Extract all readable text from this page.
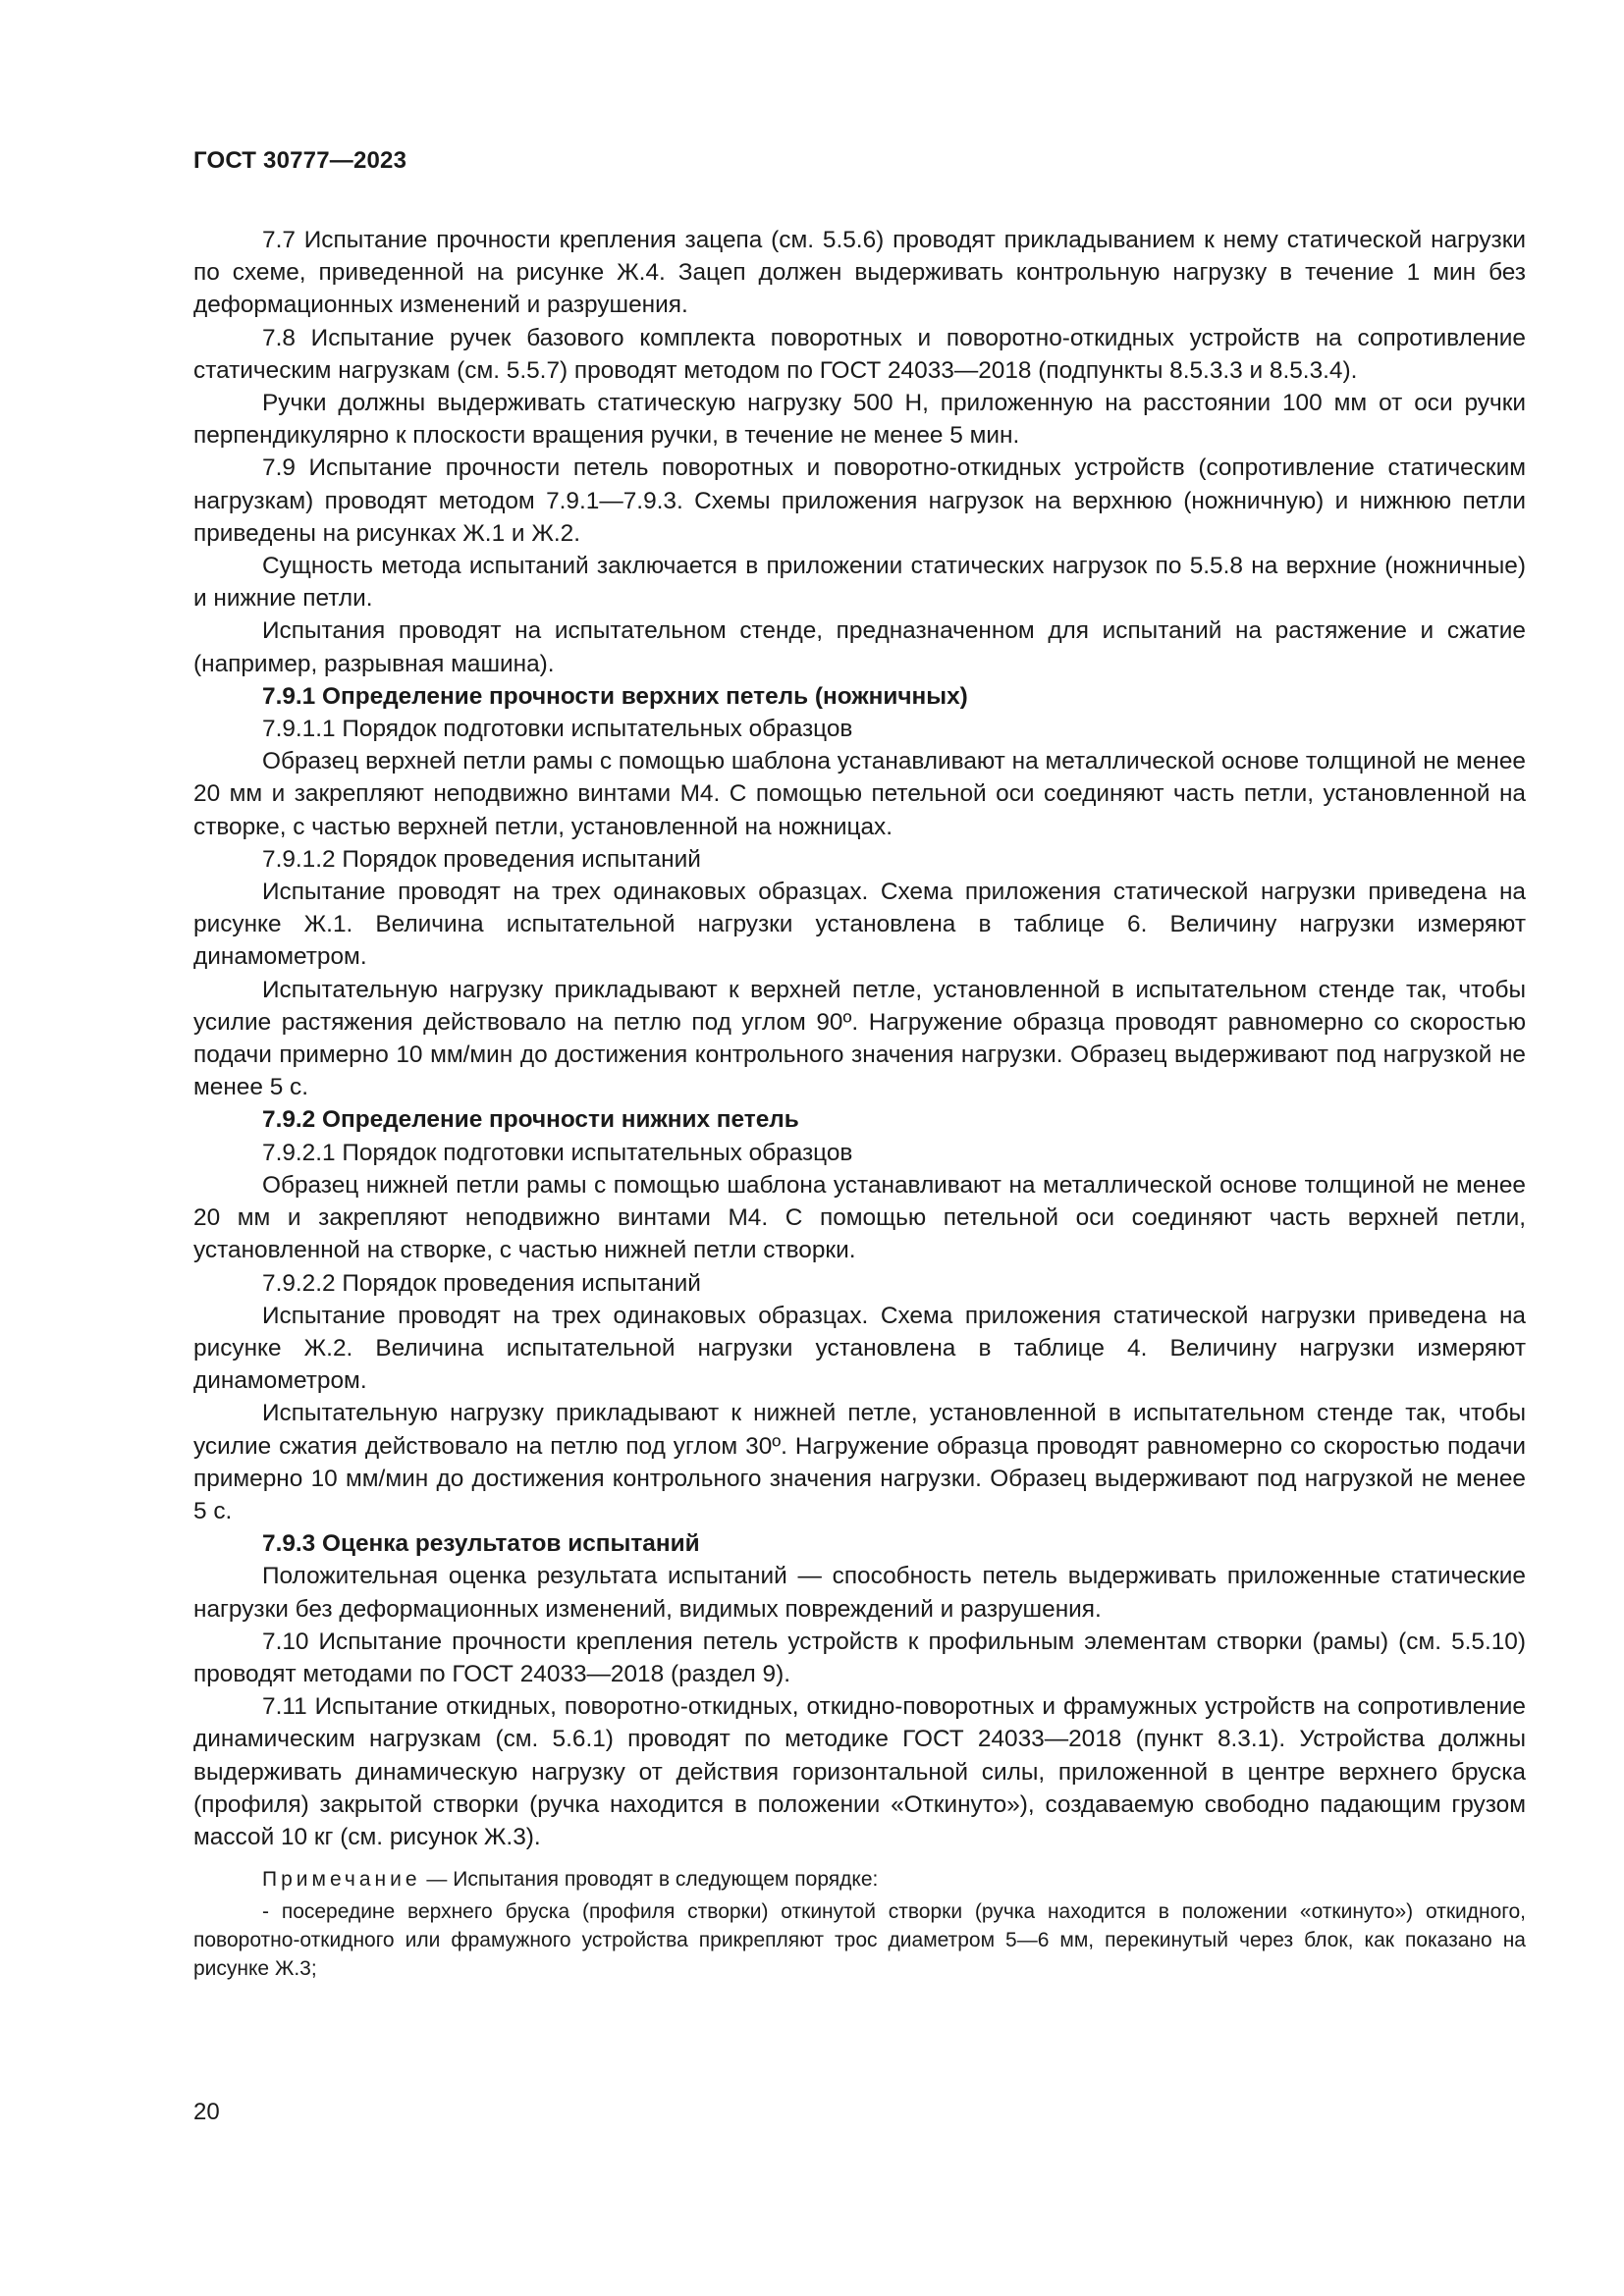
ГОСТ 30777—2023

7.7 Испытание прочности крепления зацепа (см. 5.5.6) проводят прикладыванием к нему статической нагрузки по схеме, приведенной на рисунке Ж.4. Зацеп должен выдерживать контрольную нагрузку в течение 1 мин без деформационных изменений и разрушения.

7.8 Испытание ручек базового комплекта поворотных и поворотно-откидных устройств на сопротивление статическим нагрузкам (см. 5.5.7) проводят методом по ГОСТ 24033—2018 (подпункты 8.5.3.3 и 8.5.3.4).

Ручки должны выдерживать статическую нагрузку 500 Н, приложенную на расстоянии 100 мм от оси ручки перпендикулярно к плоскости вращения ручки, в течение не менее 5 мин.

7.9 Испытание прочности петель поворотных и поворотно-откидных устройств (сопротивление статическим нагрузкам) проводят методом 7.9.1—7.9.3. Схемы приложения нагрузок на верхнюю (ножничную) и нижнюю петли приведены на рисунках Ж.1 и Ж.2.

Сущность метода испытаний заключается в приложении статических нагрузок по 5.5.8 на верхние (ножничные) и нижние петли.

Испытания проводят на испытательном стенде, предназначенном для испытаний на растяжение и сжатие (например, разрывная машина).

7.9.1 Определение прочности верхних петель (ножничных)

7.9.1.1 Порядок подготовки испытательных образцов

Образец верхней петли рамы с помощью шаблона устанавливают на металлической основе толщиной не менее 20 мм и закрепляют неподвижно винтами М4. С помощью петельной оси соединяют часть петли, установленной на створке, с частью верхней петли, установленной на ножницах.

7.9.1.2 Порядок проведения испытаний

Испытание проводят на трех одинаковых образцах. Схема приложения статической нагрузки приведена на рисунке Ж.1. Величина испытательной нагрузки установлена в таблице 6. Величину нагрузки измеряют динамометром.

Испытательную нагрузку прикладывают к верхней петле, установленной в испытательном стенде так, чтобы усилие растяжения действовало на петлю под углом 90º. Нагружение образца проводят равномерно со скоростью подачи примерно 10 мм/мин до достижения контрольного значения нагрузки. Образец выдерживают под нагрузкой не менее 5 с.

7.9.2 Определение прочности нижних петель

7.9.2.1 Порядок подготовки испытательных образцов

Образец нижней петли рамы с помощью шаблона устанавливают на металлической основе толщиной не менее 20 мм и закрепляют неподвижно винтами М4. С помощью петельной оси соединяют часть верхней петли, установленной на створке, с частью нижней петли створки.

7.9.2.2 Порядок проведения испытаний

Испытание проводят на трех одинаковых образцах. Схема приложения статической нагрузки приведена на рисунке Ж.2. Величина испытательной нагрузки установлена в таблице 4. Величину нагрузки измеряют динамометром.

Испытательную нагрузку прикладывают к нижней петле, установленной в испытательном стенде так, чтобы усилие сжатия действовало на петлю под углом 30º. Нагружение образца проводят равномерно со скоростью подачи примерно 10 мм/мин до достижения контрольного значения нагрузки. Образец выдерживают под нагрузкой не менее 5 с.

7.9.3 Оценка результатов испытаний

Положительная оценка результата испытаний — способность петель выдерживать приложенные статические нагрузки без деформационных изменений, видимых повреждений и разрушения.

7.10 Испытание прочности крепления петель устройств к профильным элементам створки (рамы) (см. 5.5.10) проводят методами по ГОСТ 24033—2018 (раздел 9).

7.11 Испытание откидных, поворотно-откидных, откидно-поворотных и фрамужных устройств на сопротивление динамическим нагрузкам (см. 5.6.1) проводят по методике ГОСТ 24033—2018 (пункт 8.3.1). Устройства должны выдерживать динамическую нагрузку от действия горизонтальной силы, приложенной в центре верхнего бруска (профиля) закрытой створки (ручка находится в положении «Откинуто»), создаваемую свободно падающим грузом массой 10 кг (см. рисунок Ж.3).

Примечание — Испытания проводят в следующем порядке:

- посередине верхнего бруска (профиля створки) откинутой створки (ручка находится в положении «откинуто») откидного, поворотно-откидного или фрамужного устройства прикрепляют трос диаметром 5—6 мм, перекинутый через блок, как показано на рисунке Ж.3;

20
